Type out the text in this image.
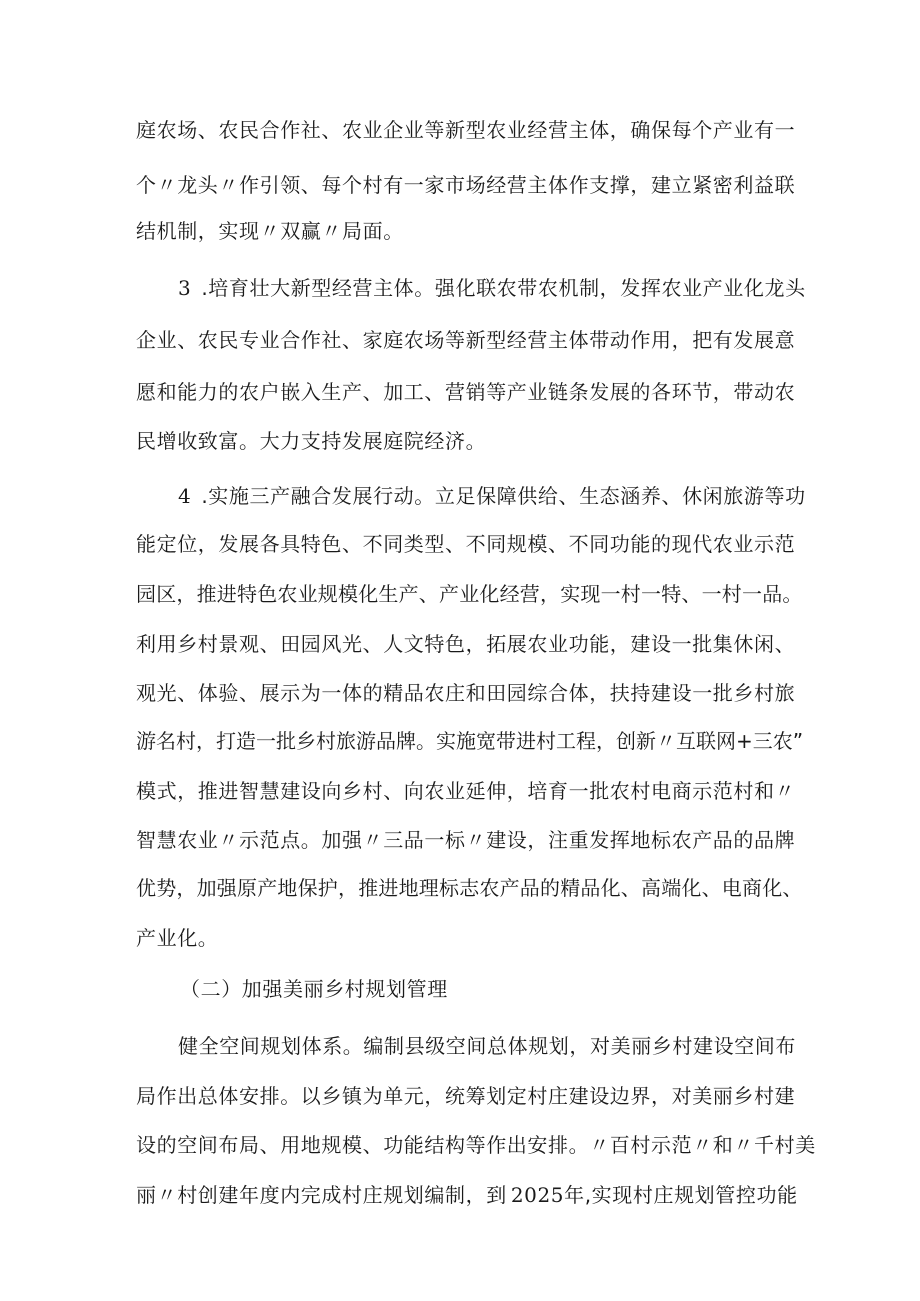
庭农场、农民合作社、农业企业等新型农业经营主体，确保每个产业有一

个〃龙头〃作引领、每个村有一家市场经营主体作支撑，建立紧密利益联

结机制，实现〃双赢〃局面。

3 .培育壮大新型经营主体。强化联农带农机制，发挥农业产业化龙头

企业、农民专业合作社、家庭农场等新型经营主体带动作用，把有发展意

愿和能力的农户嵌入生产、加工、营销等产业链条发展的各环节，带动农

民增收致富。大力支持发展庭院经济。

4 .实施三产融合发展行动。立足保障供给、生态涵养、休闲旅游等功

能定位，发展各具特色、不同类型、不同规模、不同功能的现代农业示范

园区，推进特色农业规模化生产、产业化经营，实现一村一特、一村一品。

利用乡村景观、田园风光、人文特色，拓展农业功能，建设一批集休闲、

观光、体验、展示为一体的精品农庄和田园综合体，扶持建设一批乡村旅

游名村，打造一批乡村旅游品牌。实施宽带进村工程，创新〃互联网+三农”

模式，推进智慧建设向乡村、向农业延伸，培育一批农村电商示范村和〃

智慧农业〃示范点。加强〃三品一标〃建设，注重发挥地标农产品的品牌

优势，加强原产地保护，推进地理标志农产品的精品化、高端化、电商化、

产业化。

（二）加强美丽乡村规划管理

健全空间规划体系。编制县级空间总体规划，对美丽乡村建设空间布

局作出总体安排。以乡镇为单元，统筹划定村庄建设边界，对美丽乡村建

设的空间布局、用地规模、功能结构等作出安排。〃百村示范〃和〃千村美

丽〃村创建年度内完成村庄规划编制，到 2025年,实现村庄规划管控功能
